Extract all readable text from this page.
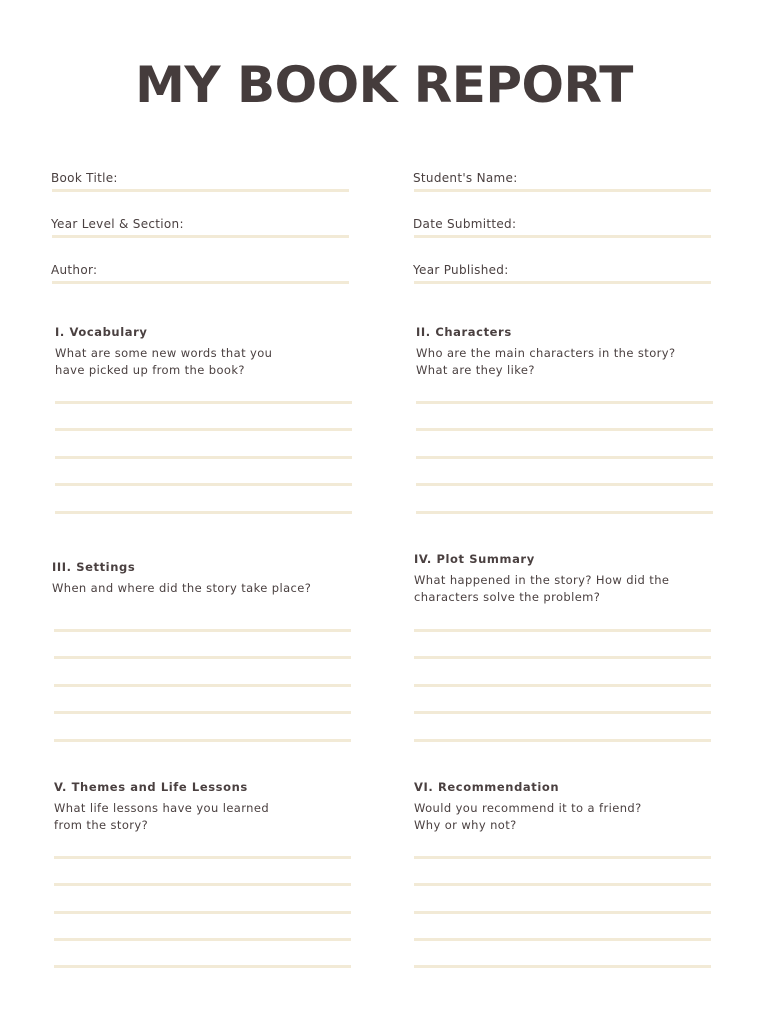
MY BOOK REPORT
Book Title:
Year Level & Section:
Author:
Student's Name:
Date Submitted:
Year Published:

I. Vocabulary

What are some new words that you
have picked up from the book?

II. Characters

Who are the main characters in the story?
What are they like?

III. Settings

When and where did the story take place?

IV. Plot Summary

What happened in the story? How did the
characters solve the problem?

V. Themes and Life Lessons

What life lessons have you learned
from the story?

VI. Recommendation

Would you recommend it to a friend?
Why or why not?
